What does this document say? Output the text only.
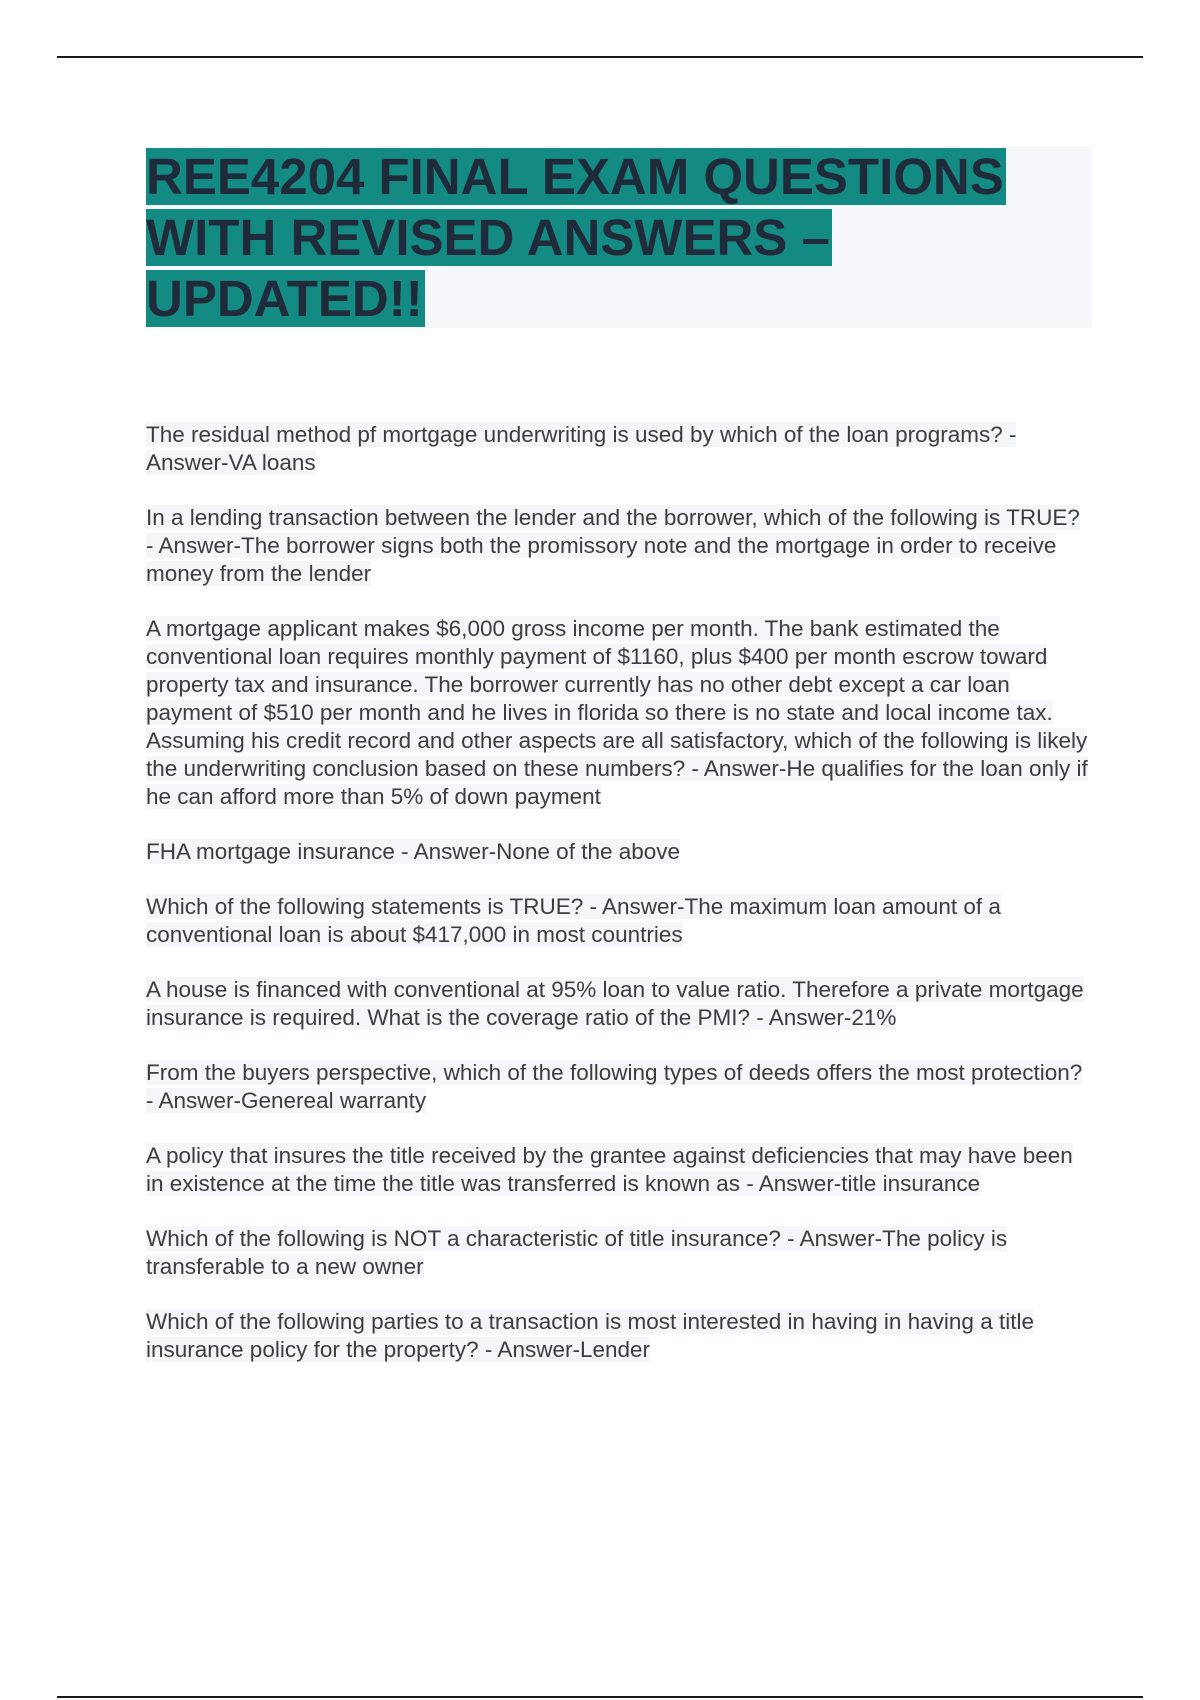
REE4204 FINAL EXAM QUESTIONS WITH REVISED ANSWERS – UPDATED!!
The residual method pf mortgage underwriting is used by which of the loan programs? - Answer-VA loans
In a lending transaction between the lender and the borrower, which of the following is TRUE? - Answer-The borrower signs both the promissory note and the mortgage in order to receive money from the lender
A mortgage applicant makes $6,000 gross income per month. The bank estimated the conventional loan requires monthly payment of $1160, plus $400 per month escrow toward property tax and insurance. The borrower currently has no other debt except a car loan payment of $510 per month and he lives in florida so there is no state and local income tax. Assuming his credit record and other aspects are all satisfactory, which of the following is likely the underwriting conclusion based on these numbers? - Answer-He qualifies for the loan only if he can afford more than 5% of down payment
FHA mortgage insurance - Answer-None of the above
Which of the following statements is TRUE? - Answer-The maximum loan amount of a conventional loan is about $417,000 in most countries
A house is financed with conventional at 95% loan to value ratio. Therefore a private mortgage insurance is required. What is the coverage ratio of the PMI? - Answer-21%
From the buyers perspective, which of the following types of deeds offers the most protection? - Answer-Genereal warranty
A policy that insures the title received by the grantee against deficiencies that may have been in existence at the time the title was transferred is known as - Answer-title insurance
Which of the following is NOT a characteristic of title insurance? - Answer-The policy is transferable to a new owner
Which of the following parties to a transaction is most interested in having in having a title insurance policy for the property? - Answer-Lender
